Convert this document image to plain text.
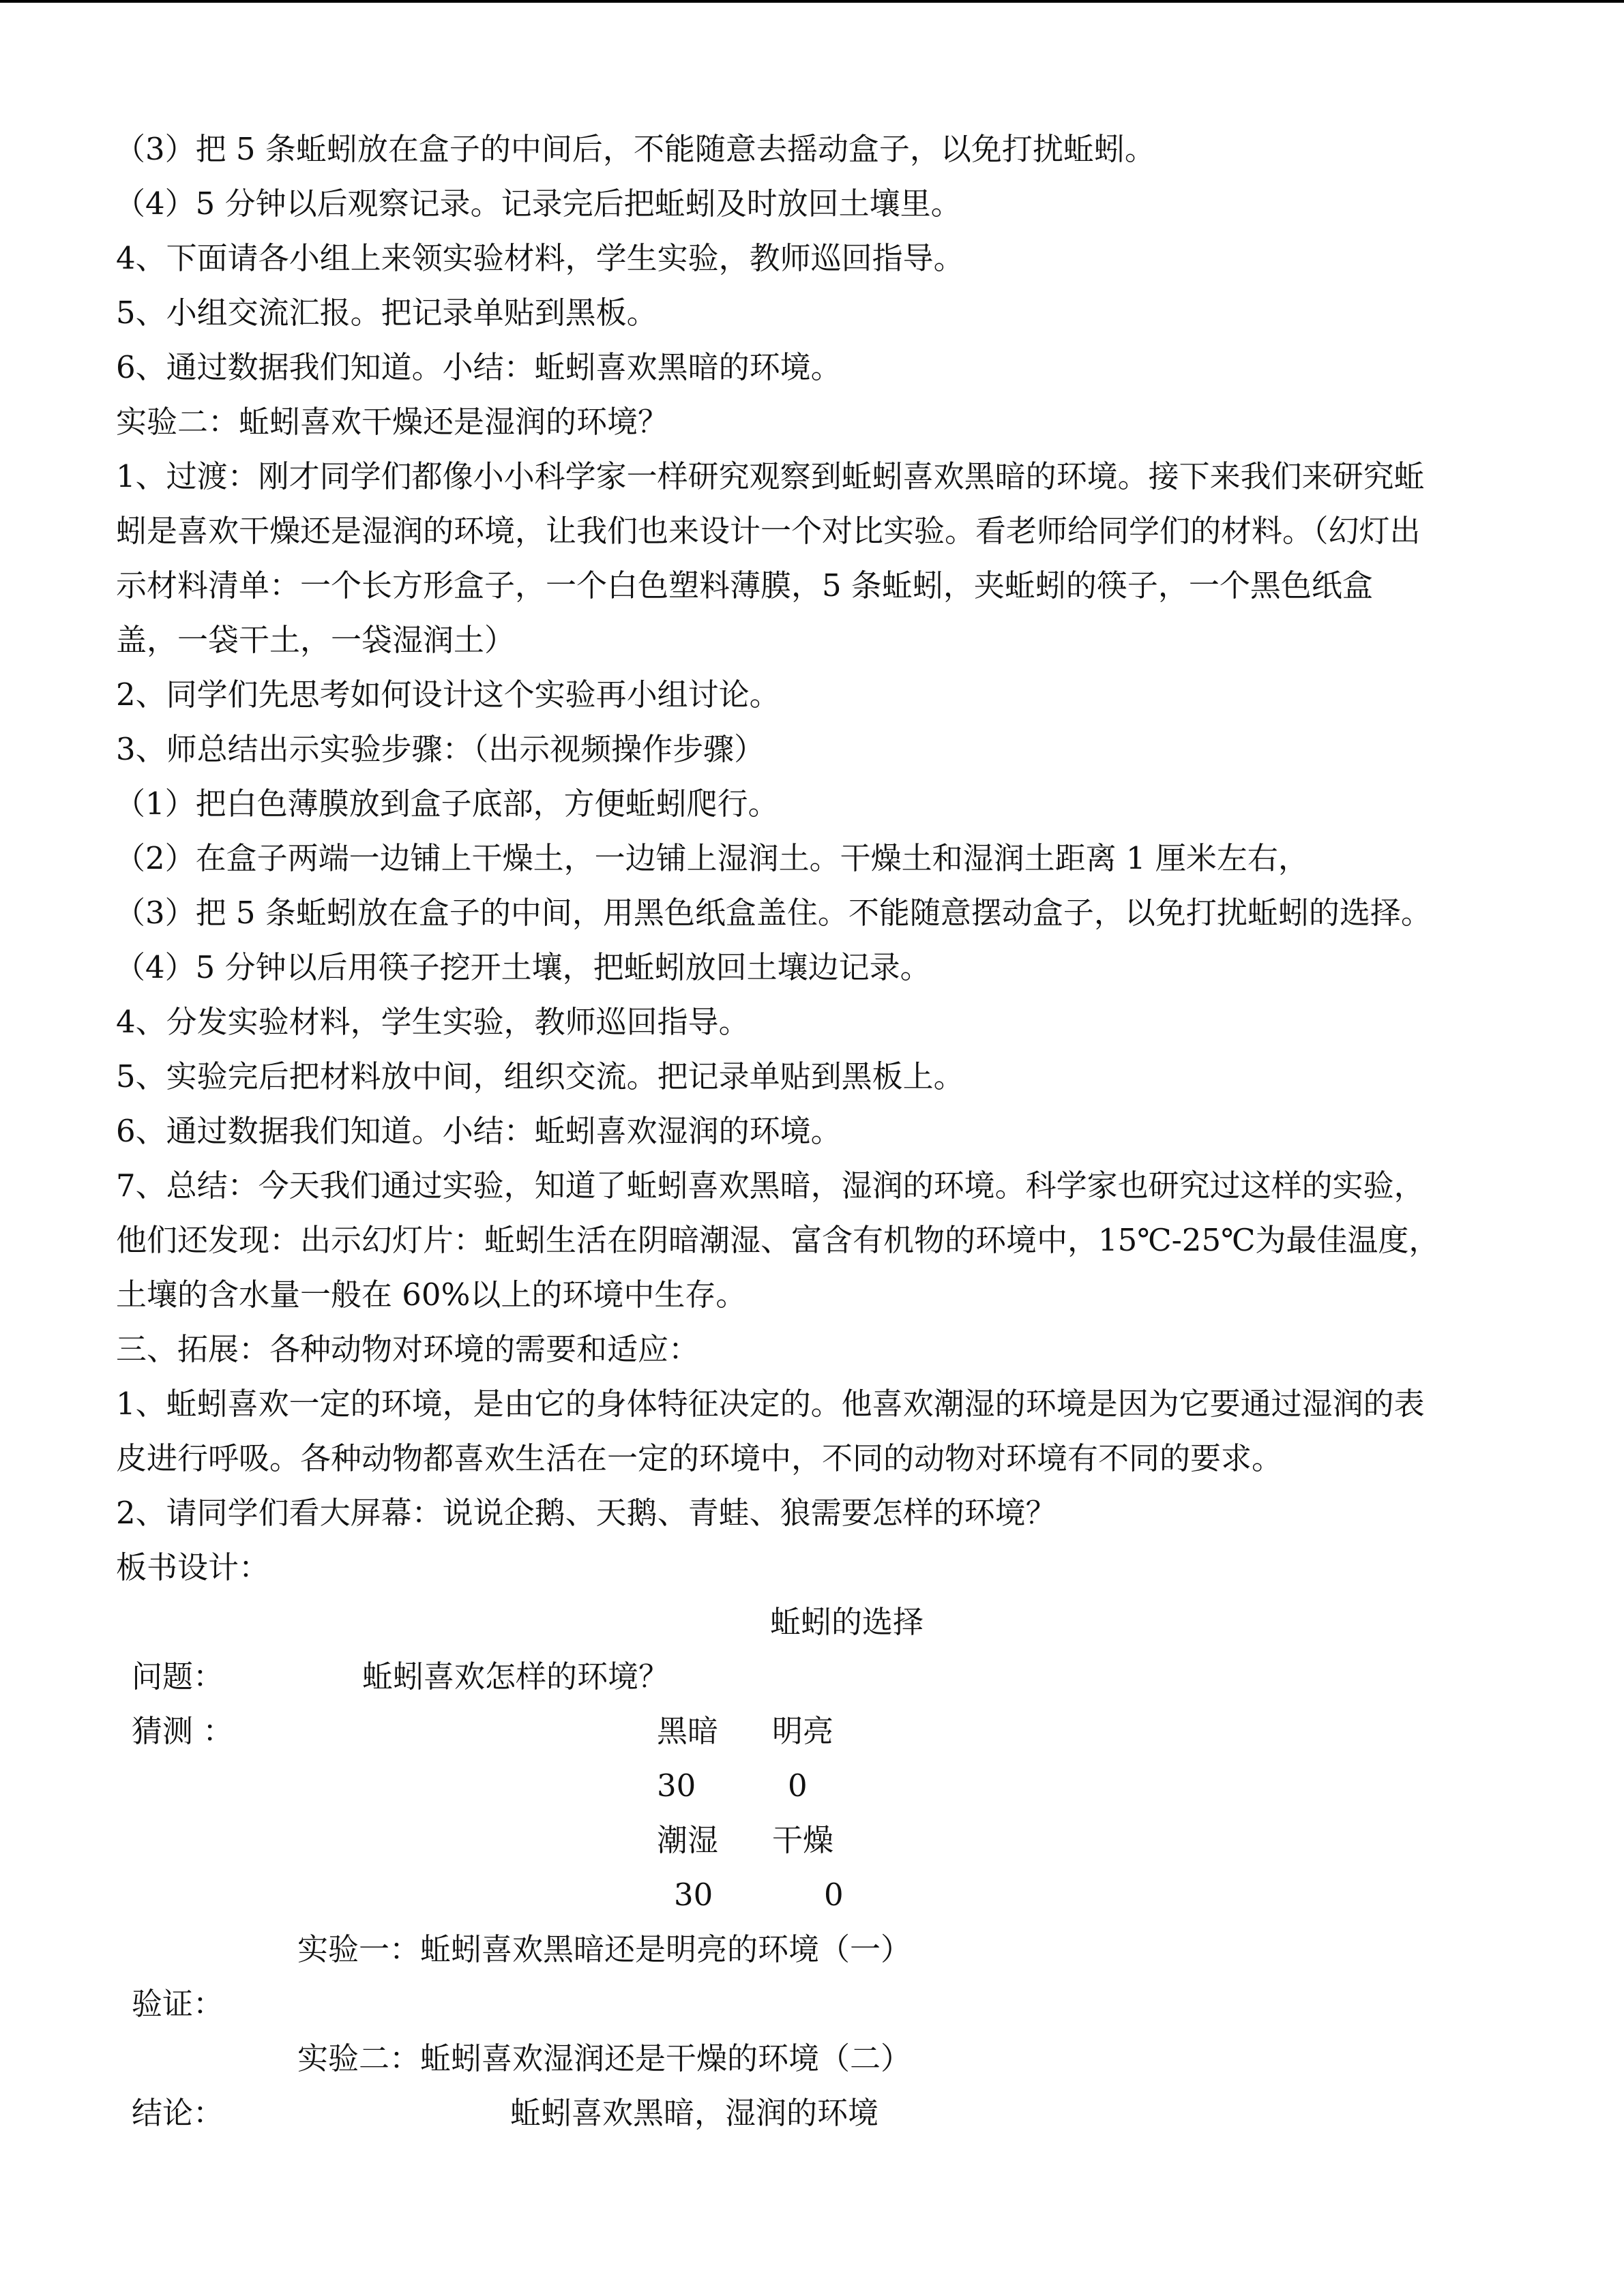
（3）把 5 条蚯蚓放在盒子的中间后，不能随意去摇动盒子，以免打扰蚯蚓。
（4）5 分钟以后观察记录。记录完后把蚯蚓及时放回土壤里。
4、下面请各小组上来领实验材料，学生实验，教师巡回指导。
5、小组交流汇报。把记录单贴到黑板。
6、通过数据我们知道。小结：蚯蚓喜欢黑暗的环境。
实验二：蚯蚓喜欢干燥还是湿润的环境？
1、过渡：刚才同学们都像小小科学家一样研究观察到蚯蚓喜欢黑暗的环境。接下来我们来研究蚯
蚓是喜欢干燥还是湿润的环境，让我们也来设计一个对比实验。看老师给同学们的材料。（幻灯出
示材料清单：一个长方形盒子，一个白色塑料薄膜，5 条蚯蚓，夹蚯蚓的筷子，一个黑色纸盒
盖，一袋干土，一袋湿润土）
2、同学们先思考如何设计这个实验再小组讨论。
3、师总结出示实验步骤：（出示视频操作步骤）
（1）把白色薄膜放到盒子底部，方便蚯蚓爬行。
（2）在盒子两端一边铺上干燥土，一边铺上湿润土。干燥土和湿润土距离 1 厘米左右，
（3）把 5 条蚯蚓放在盒子的中间，用黑色纸盒盖住。不能随意摆动盒子，以免打扰蚯蚓的选择。
（4）5 分钟以后用筷子挖开土壤，把蚯蚓放回土壤边记录。
4、分发实验材料，学生实验，教师巡回指导。
5、实验完后把材料放中间，组织交流。把记录单贴到黑板上。
6、通过数据我们知道。小结：蚯蚓喜欢湿润的环境。
7、总结：今天我们通过实验，知道了蚯蚓喜欢黑暗，湿润的环境。科学家也研究过这样的实验，
他们还发现：出示幻灯片：蚯蚓生活在阴暗潮湿、富含有机物的环境中，15℃-25℃为最佳温度，
土壤的含水量一般在 60%以上的环境中生存。
三、拓展：各种动物对环境的需要和适应：
1、蚯蚓喜欢一定的环境，是由它的身体特征决定的。他喜欢潮湿的环境是因为它要通过湿润的表
皮进行呼吸。各种动物都喜欢生活在一定的环境中，不同的动物对环境有不同的要求。
2、请同学们看大屏幕：说说企鹅、天鹅、青蛙、狼需要怎样的环境？
板书设计：
蚯蚓的选择
问题：	蚯蚓喜欢怎样的环境？
猜测 ：	黑暗 明亮
30	0
潮湿 干燥
30	0
实验一：蚯蚓喜欢黑暗还是明亮的环境（一）
验证：
实验二：蚯蚓喜欢湿润还是干燥的环境（二）
结论：	蚯蚓喜欢黑暗，湿润的环境
